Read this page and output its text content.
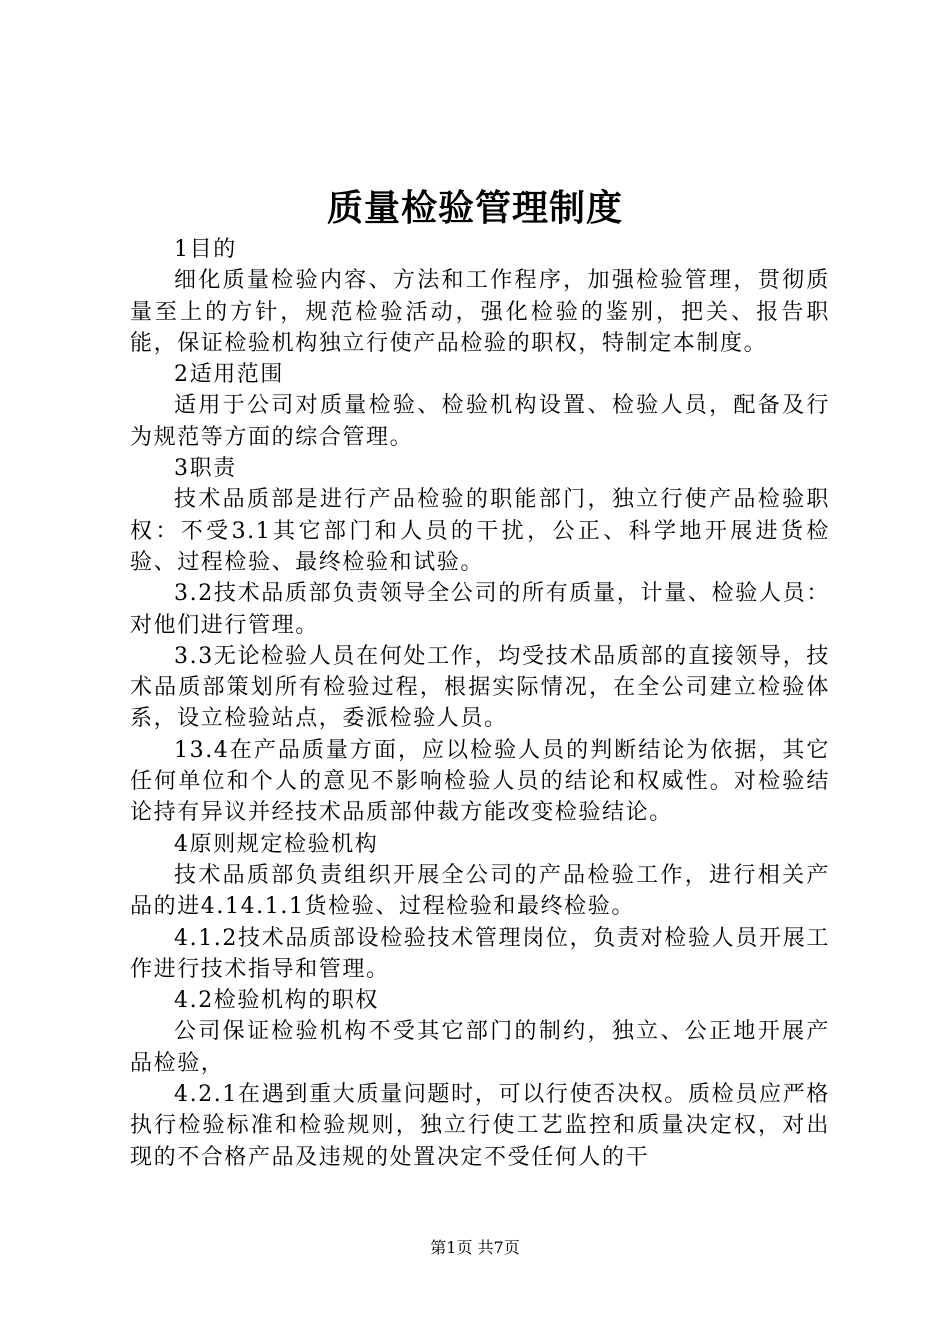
质量检验管理制度

1目的

细化质量检验内容、方法和工作程序，加强检验管理，贯彻质量至上的方针，规范检验活动，强化检验的鉴别，把关、报告职能，保证检验机构独立行使产品检验的职权，特制定本制度。

2适用范围

适用于公司对质量检验、检验机构设置、检验人员，配备及行为规范等方面的综合管理。

3职责

技术品质部是进行产品检验的职能部门，独立行使产品检验职权：不受3.1其它部门和人员的干扰，公正、科学地开展进货检验、过程检验、最终检验和试验。

3.2技术品质部负责领导全公司的所有质量，计量、检验人员：对他们进行管理。

3.3无论检验人员在何处工作，均受技术品质部的直接领导，技术品质部策划所有检验过程，根据实际情况，在全公司建立检验体系，设立检验站点，委派检验人员。

13.4在产品质量方面，应以检验人员的判断结论为依据，其它任何单位和个人的意见不影响检验人员的结论和权威性。对检验结论持有异议并经技术品质部仲裁方能改变检验结论。

4原则规定检验机构

技术品质部负责组织开展全公司的产品检验工作，进行相关产品的进4.14.1.1货检验、过程检验和最终检验。

4.1.2技术品质部设检验技术管理岗位，负责对检验人员开展工作进行技术指导和管理。

4.2检验机构的职权

公司保证检验机构不受其它部门的制约，独立、公正地开展产品检验，

4.2.1在遇到重大质量问题时，可以行使否决权。质检员应严格执行检验标准和检验规则，独立行使工艺监控和质量决定权，对出现的不合格产品及违规的处置决定不受任何人的干

第1页 共7页
